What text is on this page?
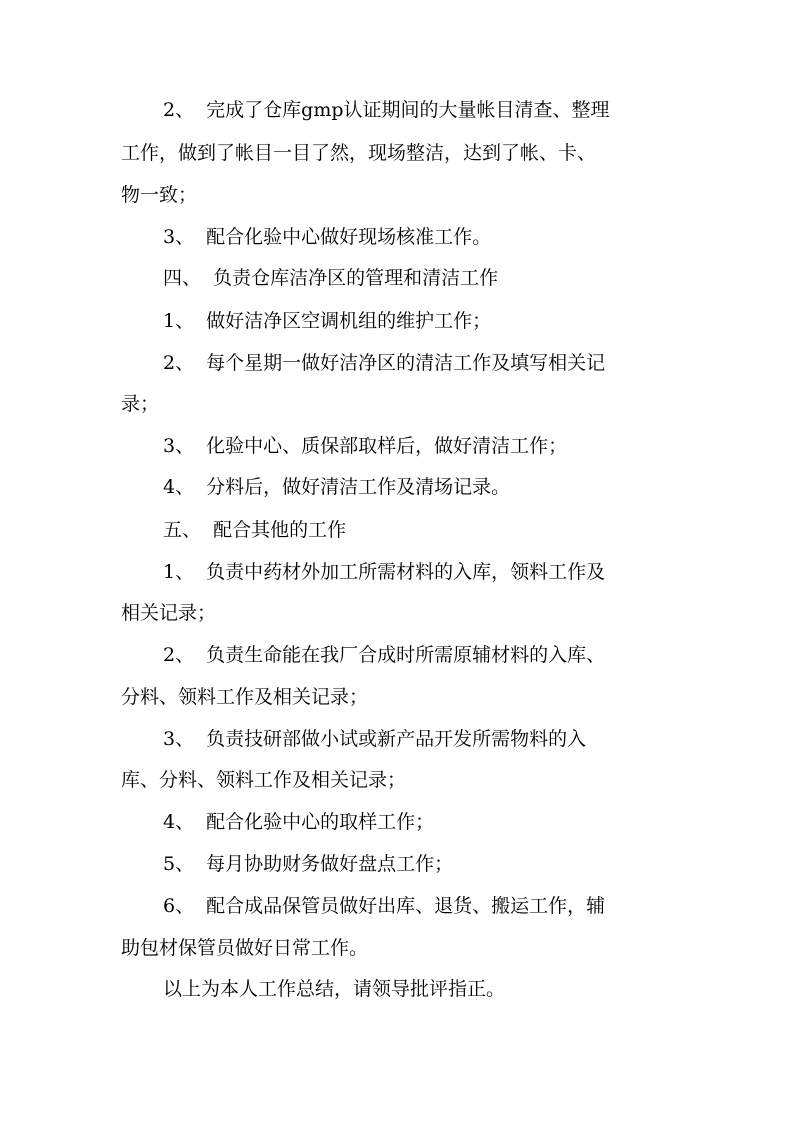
2、  完成了仓库gmp认证期间的大量帐目清查、整理
工作，做到了帐目一目了然，现场整洁，达到了帐、卡、
物一致；
3、  配合化验中心做好现场核准工作。
四、  负责仓库洁净区的管理和清洁工作
1、  做好洁净区空调机组的维护工作；
2、  每个星期一做好洁净区的清洁工作及填写相关记
录；
3、  化验中心、质保部取样后，做好清洁工作；
4、  分料后，做好清洁工作及清场记录。
五、  配合其他的工作
1、  负责中药材外加工所需材料的入库，领料工作及
相关记录；
2、  负责生命能在我厂合成时所需原辅材料的入库、
分料、领料工作及相关记录；
3、  负责技研部做小试或新产品开发所需物料的入
库、分料、领料工作及相关记录；
4、  配合化验中心的取样工作；
5、  每月协助财务做好盘点工作；
6、  配合成品保管员做好出库、退货、搬运工作，辅
助包材保管员做好日常工作。
以上为本人工作总结，请领导批评指正。
